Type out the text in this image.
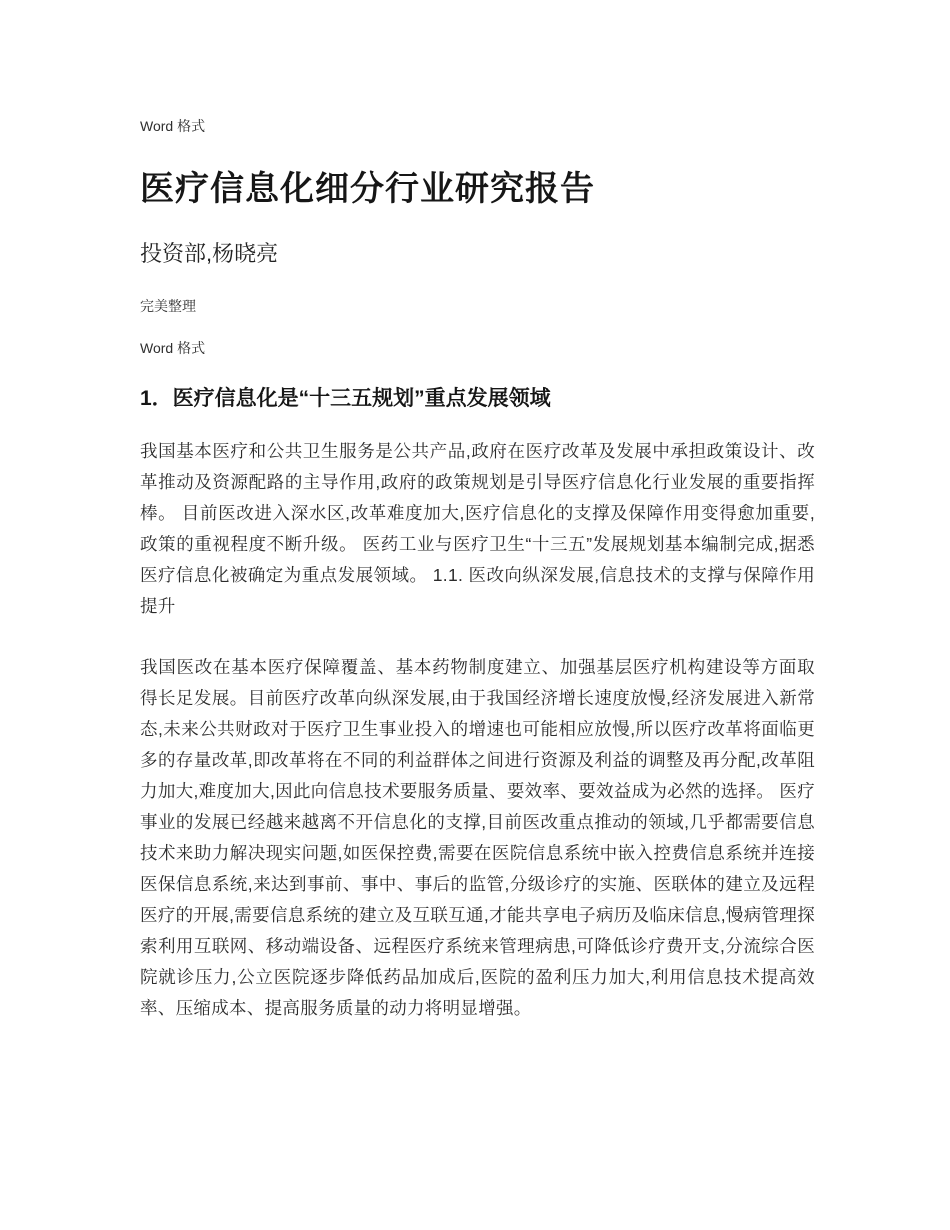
Word 格式

医疗信息化细分行业研究报告

投资部,杨晓亮

完美整理

Word 格式

1．医疗信息化是“十三五规划”重点发展领域

我国基本医疗和公共卫生服务是公共产品,政府在医疗改革及发展中承担政策设计、改革推动及资源配路的主导作用,政府的政策规划是引导医疗信息化行业发展的重要指挥棒。 目前医改进入深水区,改革难度加大,医疗信息化的支撑及保障作用变得愈加重要,政策的重视程度不断升级。 医药工业与医疗卫生“十三五”发展规划基本编制完成,据悉医疗信息化被确定为重点发展领域。 1.1. 医改向纵深发展,信息技术的支撑与保障作用提升

我国医改在基本医疗保障覆盖、基本药物制度建立、加强基层医疗机构建设等方面取得长足发展。目前医疗改革向纵深发展,由于我国经济增长速度放慢,经济发展进入新常态,未来公共财政对于医疗卫生事业投入的增速也可能相应放慢,所以医疗改革将面临更多的存量改革,即改革将在不同的利益群体之间进行资源及利益的调整及再分配,改革阻力加大,难度加大,因此向信息技术要服务质量、要效率、要效益成为必然的选择。 医疗事业的发展已经越来越离不开信息化的支撑,目前医改重点推动的领域,几乎都需要信息技术来助力解决现实问题,如医保控费,需要在医院信息系统中嵌入控费信息系统并连接医保信息系统,来达到事前、事中、事后的监管,分级诊疗的实施、医联体的建立及远程医疗的开展,需要信息系统的建立及互联互通,才能共享电子病历及临床信息,慢病管理探索利用互联网、移动端设备、远程医疗系统来管理病患,可降低诊疗费开支,分流综合医院就诊压力,公立医院逐步降低药品加成后,医院的盈利压力加大,利用信息技术提高效率、压缩成本、提高服务质量的动力将明显增强。
